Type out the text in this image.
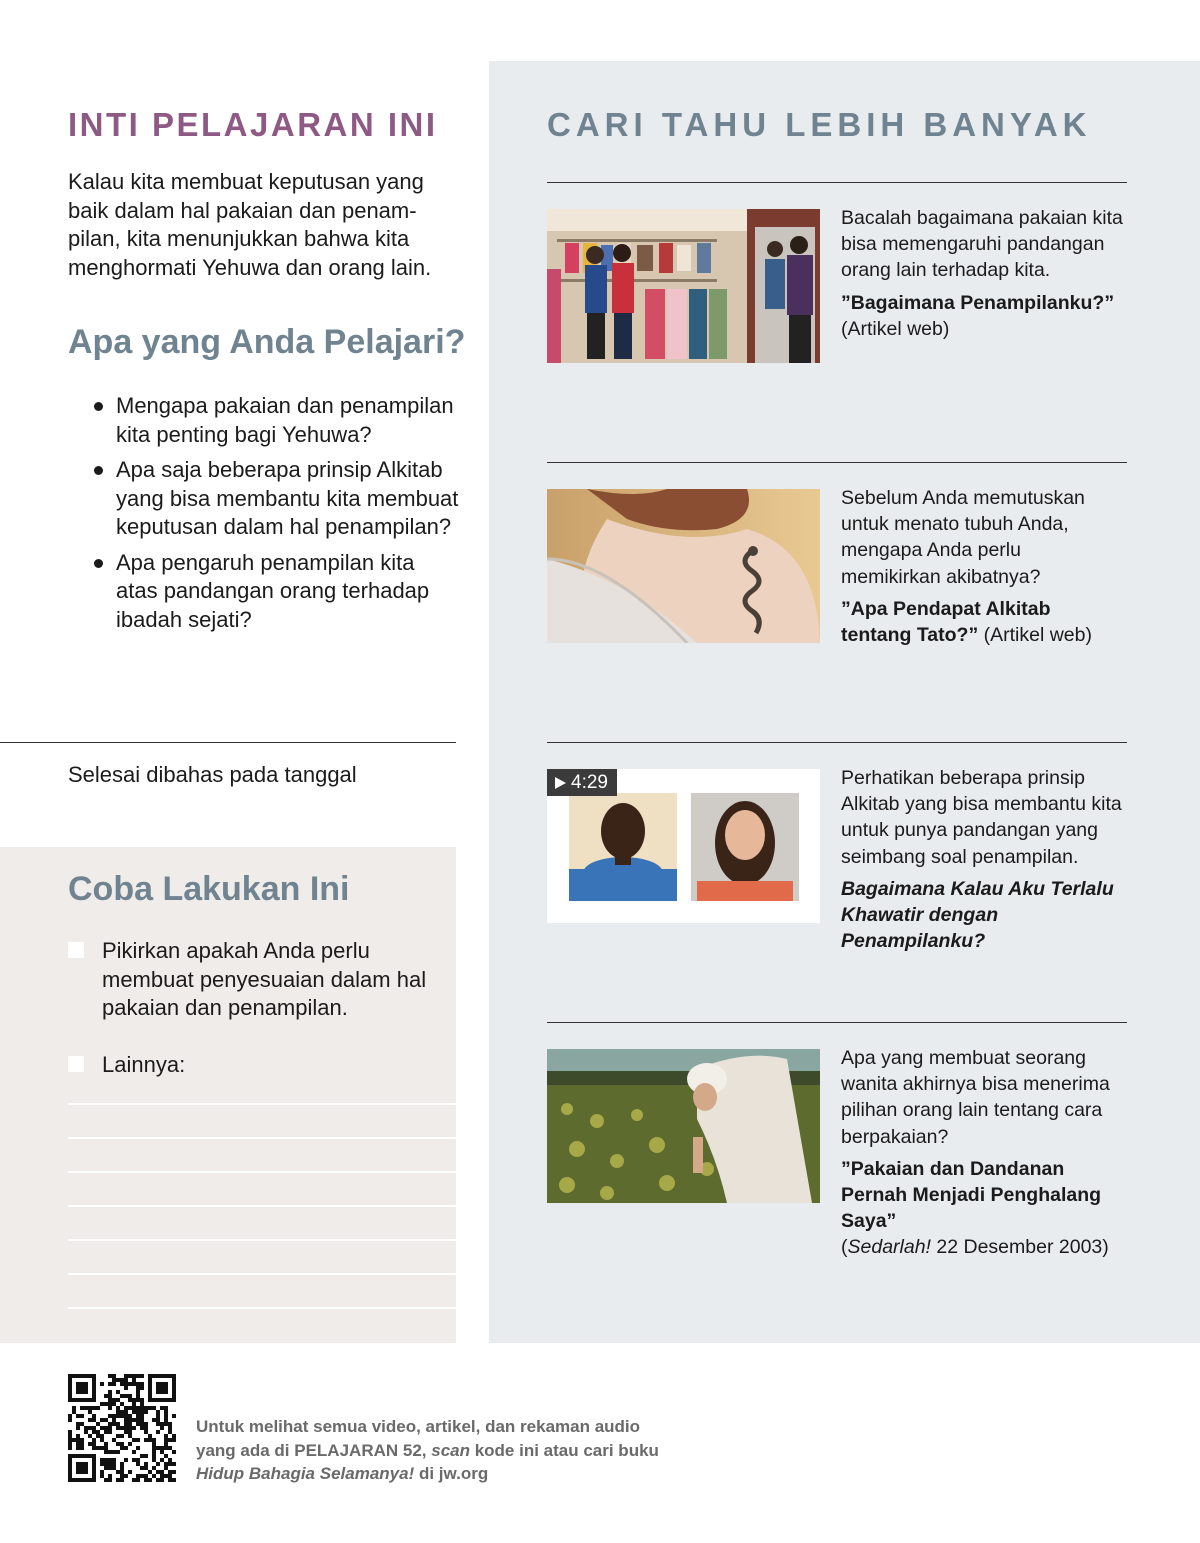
INTI PELAJARAN INI
Kalau kita membuat keputusan yang baik dalam hal pakaian dan penampilan, kita menunjukkan bahwa kita menghormati Yehuwa dan orang lain.
Apa yang Anda Pelajari?
Mengapa pakaian dan penampilan kita penting bagi Yehuwa?
Apa saja beberapa prinsip Alkitab yang bisa membantu kita membuat keputusan dalam hal penampilan?
Apa pengaruh penampilan kita atas pandangan orang terhadap ibadah sejati?
Selesai dibahas pada tanggal
Coba Lakukan Ini
Pikirkan apakah Anda perlu membuat penyesuaian dalam hal pakaian dan penampilan.
Lainnya:
CARI TAHU LEBIH BANYAK
Bacalah bagaimana pakaian kita bisa memengaruhi pandangan orang lain terhadap kita.
”Bagaimana Penampilanku?”
(Artikel web)
Sebelum Anda memutuskan untuk menato tubuh Anda, mengapa Anda perlu memikirkan akibatnya?
”Apa Pendapat Alkitab tentang Tato?” (Artikel web)
4:29	Perhatikan beberapa prinsip Alkitab yang bisa membantu kita untuk punya pandangan yang seimbang soal penampilan.
Bagaimana Kalau Aku Terlalu Khawatir dengan Penampilanku?
Apa yang membuat seorang wanita akhirnya bisa menerima pilihan orang lain tentang cara berpakaian?
”Pakaian dan Dandanan Pernah Menjadi Penghalang Saya”
(Sedarlah! 22 Desember 2003)
Untuk melihat semua video, artikel, dan rekaman audio
yang ada di PELAJARAN 52, scan kode ini atau cari buku
Hidup Bahagia Selamanya! di jw.org
